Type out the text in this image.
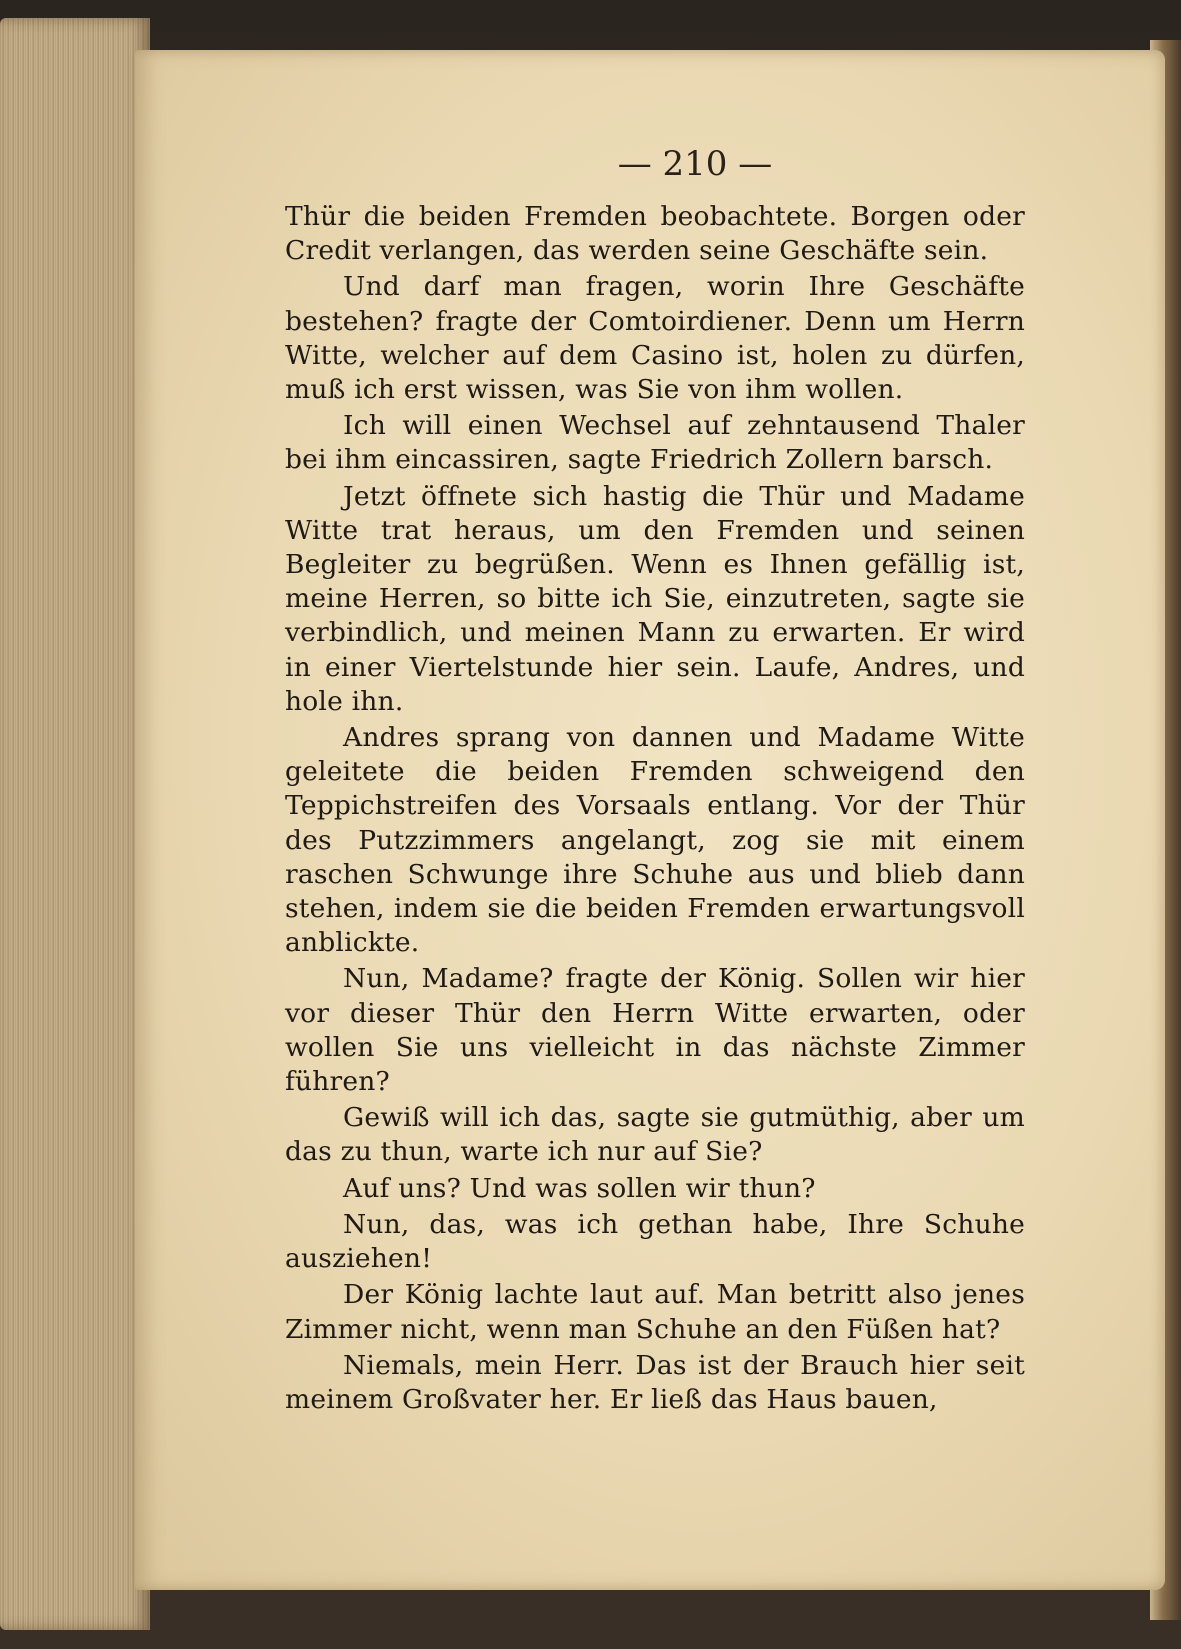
— 210 —

Thür die beiden Fremden beobachtete. Borgen oder Credit verlangen, das werden seine Geschäfte sein.

Und darf man fragen, worin Ihre Geschäfte bestehen? fragte der Comtoirdiener. Denn um Herrn Witte, welcher auf dem Casino ist, holen zu dürfen, muß ich erst wissen, was Sie von ihm wollen.

Ich will einen Wechsel auf zehntausend Thaler bei ihm eincassiren, sagte Friedrich Zollern barsch.

Jetzt öffnete sich hastig die Thür und Madame Witte trat heraus, um den Fremden und seinen Begleiter zu begrüßen. Wenn es Ihnen gefällig ist, meine Herren, so bitte ich Sie, einzutreten, sagte sie verbindlich, und meinen Mann zu erwarten. Er wird in einer Viertelstunde hier sein. Laufe, Andres, und hole ihn.

Andres sprang von dannen und Madame Witte geleitete die beiden Fremden schweigend den Teppichstreifen des Vorsaals entlang. Vor der Thür des Putzzimmers angelangt, zog sie mit einem raschen Schwunge ihre Schuhe aus und blieb dann stehen, indem sie die beiden Fremden erwartungsvoll anblickte.

Nun, Madame? fragte der König. Sollen wir hier vor dieser Thür den Herrn Witte erwarten, oder wollen Sie uns vielleicht in das nächste Zimmer führen?

Gewiß will ich das, sagte sie gutmüthig, aber um das zu thun, warte ich nur auf Sie?

Auf uns? Und was sollen wir thun?

Nun, das, was ich gethan habe, Ihre Schuhe ausziehen!

Der König lachte laut auf. Man betritt also jenes Zimmer nicht, wenn man Schuhe an den Füßen hat?

Niemals, mein Herr. Das ist der Brauch hier seit meinem Großvater her. Er ließ das Haus bauen,
